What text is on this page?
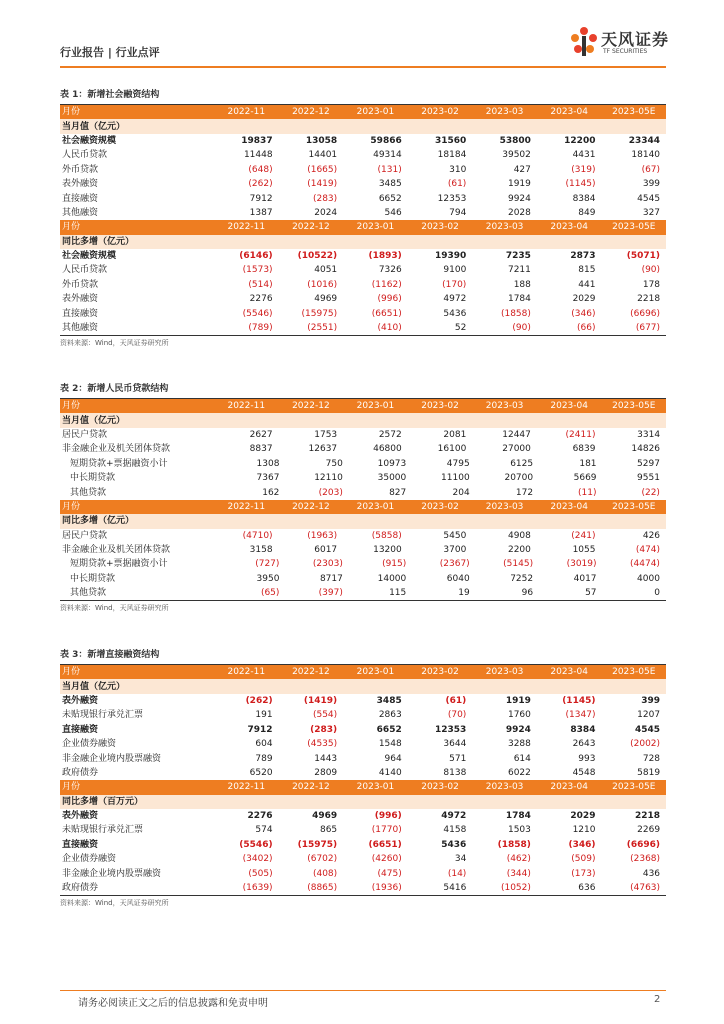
行业报告 | 行业点评
天风证券
TF SECURITIES
表 1：新增社会融资结构
月份	2022-11	2022-12	2023-01	2023-02	2023-03	2023-04	2023-05E
当月值（亿元）
社会融资规模	19837	13058	59866	31560	53800	12200	23344
人民币贷款	11448	14401	49314	18184	39502	4431	18140
外币贷款	(648)	(1665)	(131)	310	427	(319)	(67)
表外融资	(262)	(1419)	3485	(61)	1919	(1145)	399
直接融资	7912	(283)	6652	12353	9924	8384	4545
其他融资	1387	2024	546	794	2028	849	327
月份	2022-11	2022-12	2023-01	2023-02	2023-03	2023-04	2023-05E
同比多增（亿元）
社会融资规模	(6146)	(10522)	(1893)	19390	7235	2873	(5071)
人民币贷款	(1573)	4051	7326	9100	7211	815	(90)
外币贷款	(514)	(1016)	(1162)	(170)	188	441	178
表外融资	2276	4969	(996)	4972	1784	2029	2218
直接融资	(5546)	(15975)	(6651)	5436	(1858)	(346)	(6696)
其他融资	(789)	(2551)	(410)	52	(90)	(66)	(677)
资料来源：Wind，天风证券研究所
表 2：新增人民币贷款结构
月份	2022-11	2022-12	2023-01	2023-02	2023-03	2023-04	2023-05E
当月值（亿元）
居民户贷款	2627	1753	2572	2081	12447	(2411)	3314
非金融企业及机关团体贷款	8837	12637	46800	16100	27000	6839	14826
短期贷款+票据融资小计	1308	750	10973	4795	6125	181	5297
中长期贷款	7367	12110	35000	11100	20700	5669	9551
其他贷款	162	(203)	827	204	172	(11)	(22)
月份	2022-11	2022-12	2023-01	2023-02	2023-03	2023-04	2023-05E
同比多增（亿元）
居民户贷款	(4710)	(1963)	(5858)	5450	4908	(241)	426
非金融企业及机关团体贷款	3158	6017	13200	3700	2200	1055	(474)
短期贷款+票据融资小计	(727)	(2303)	(915)	(2367)	(5145)	(3019)	(4474)
中长期贷款	3950	8717	14000	6040	7252	4017	4000
其他贷款	(65)	(397)	115	19	96	57	0
资料来源：Wind，天风证券研究所
表 3：新增直接融资结构
月份	2022-11	2022-12	2023-01	2023-02	2023-03	2023-04	2023-05E
当月值（亿元）
表外融资	(262)	(1419)	3485	(61)	1919	(1145)	399
未贴现银行承兑汇票	191	(554)	2863	(70)	1760	(1347)	1207
直接融资	7912	(283)	6652	12353	9924	8384	4545
企业债券融资	604	(4535)	1548	3644	3288	2643	(2002)
非金融企业境内股票融资	789	1443	964	571	614	993	728
政府债券	6520	2809	4140	8138	6022	4548	5819
月份	2022-11	2022-12	2023-01	2023-02	2023-03	2023-04	2023-05E
同比多增（百万元）
表外融资	2276	4969	(996)	4972	1784	2029	2218
未贴现银行承兑汇票	574	865	(1770)	4158	1503	1210	2269
直接融资	(5546)	(15975)	(6651)	5436	(1858)	(346)	(6696)
企业债券融资	(3402)	(6702)	(4260)	34	(462)	(509)	(2368)
非金融企业境内股票融资	(505)	(408)	(475)	(14)	(344)	(173)	436
政府债券	(1639)	(8865)	(1936)	5416	(1052)	636	(4763)
资料来源：Wind，天风证券研究所
请务必阅读正文之后的信息披露和免责申明	2
